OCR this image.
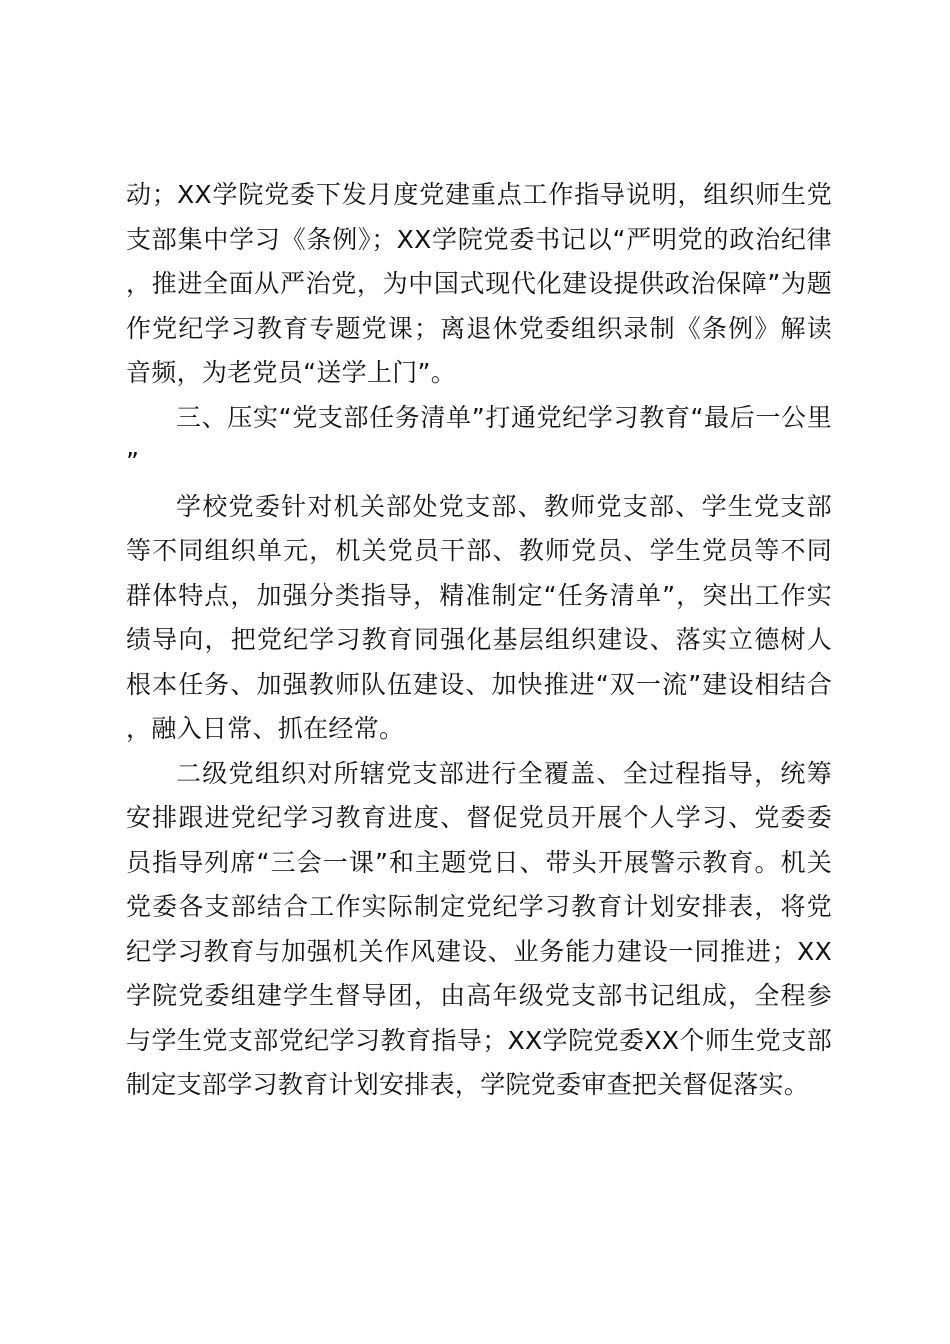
动；XX学院党委下发月度党建重点工作指导说明，组织师生党支部集中学习《条例》；XX学院党委书记以“严明党的政治纪律，推进全面从严治党，为中国式现代化建设提供政治保障”为题作党纪学习教育专题党课；离退休党委组织录制《条例》解读音频，为老党员“送学上门”。

三、压实“党支部任务清单”打通党纪学习教育“最后一公里”

学校党委针对机关部处党支部、教师党支部、学生党支部等不同组织单元，机关党员干部、教师党员、学生党员等不同群体特点，加强分类指导，精准制定“任务清单”，突出工作实绩导向，把党纪学习教育同强化基层组织建设、落实立德树人根本任务、加强教师队伍建设、加快推进“双一流”建设相结合，融入日常、抓在经常。

二级党组织对所辖党支部进行全覆盖、全过程指导，统筹安排跟进党纪学习教育进度、督促党员开展个人学习、党委委员指导列席“三会一课”和主题党日、带头开展警示教育。机关党委各支部结合工作实际制定党纪学习教育计划安排表，将党纪学习教育与加强机关作风建设、业务能力建设一同推进；XX学院党委组建学生督导团，由高年级党支部书记组成，全程参与学生党支部党纪学习教育指导；XX学院党委XX个师生党支部制定支部学习教育计划安排表，学院党委审查把关督促落实。
